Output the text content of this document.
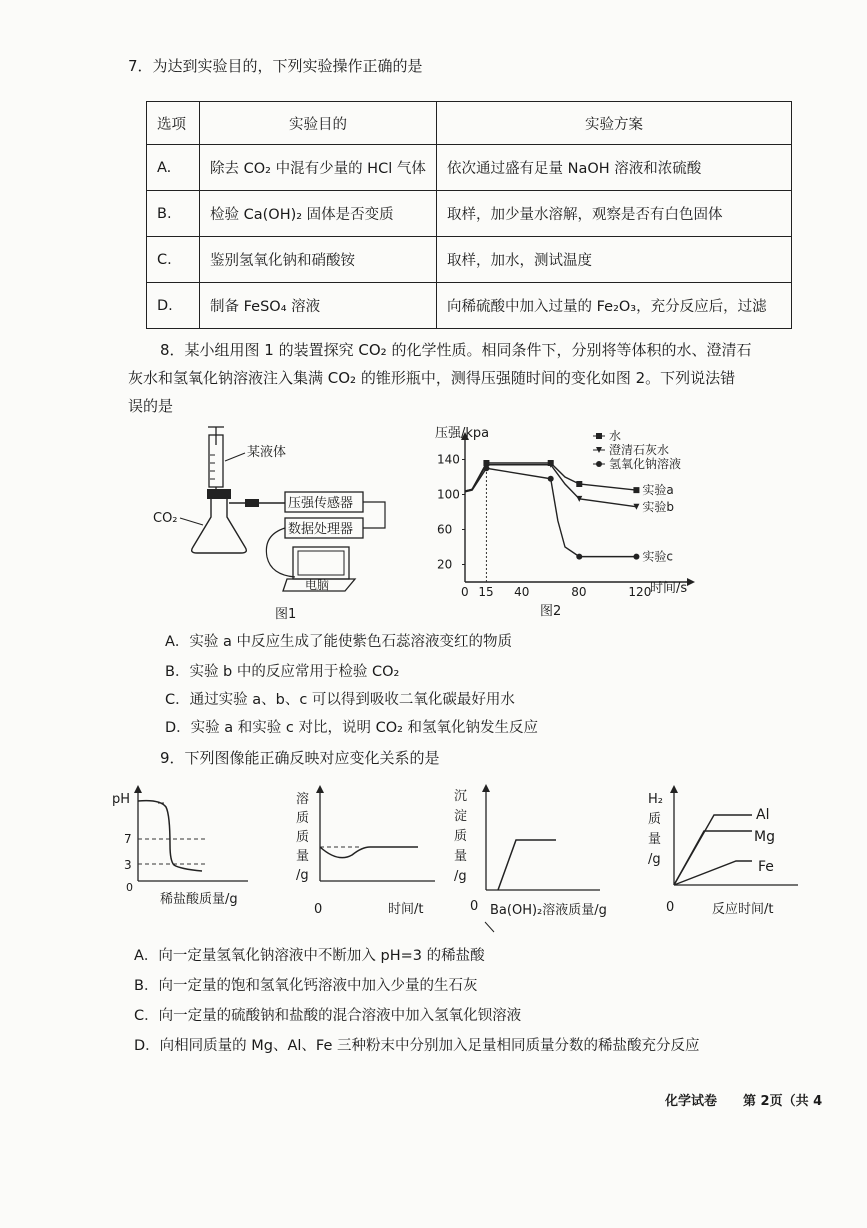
7．为达到实验目的，下列实验操作正确的是
选项	实验目的	实验方案
A.	除去 CO₂ 中混有少量的 HCl 气体	依次通过盛有足量 NaOH 溶液和浓硫酸
B.	检验 Ca(OH)₂ 固体是否变质	取样，加少量水溶解，观察是否有白色固体
C.	鉴别氢氧化钠和硝酸铵	取样，加水，测试温度
D.	制备 FeSO₄ 溶液	向稀硫酸中加入过量的 Fe₂O₃，充分反应后，过滤
8．某小组用图 1 的装置探究 CO₂ 的化学性质。相同条件下，分别将等体积的水、澄清石
灰水和氢氧化钠溶液注入集满 CO₂ 的锥形瓶中，测得压强随时间的变化如图 2。下列说法错
误的是
某液体
CO₂
压强传感器
数据处理器
电脑
图1
压强/kpa
时间/s
0 15 40	80	120
20
60
100
140
实验a
实验b
实验c
水
澄清石灰水
氢氧化钠溶液
图2
A．实验 a 中反应生成了能使紫色石蕊溶液变红的物质
B．实验 b 中的反应常用于检验 CO₂
C．通过实验 a、b、c 可以得到吸收二氧化碳最好用水
D．实验 a 和实验 c 对比，说明 CO₂ 和氢氧化钠发生反应
9．下列图像能正确反映对应变化关系的是
pH
7
3
0
稀盐酸质量/g
溶
质
质
量
/g
0	时间/t
沉
淀
质
量
/g
0 Ba(OH)₂溶液质量/g
H₂
质
量
/g
Al
Mg
Fe
0	反应时间/t
A．向一定量氢氧化钠溶液中不断加入 pH=3 的稀盐酸
B．向一定量的饱和氢氧化钙溶液中加入少量的生石灰
C．向一定量的硫酸钠和盐酸的混合溶液中加入氢氧化钡溶液
D．向相同质量的 Mg、Al、Fe 三种粉末中分别加入足量相同质量分数的稀盐酸充分反应
化学试卷 第 2页（共 4
